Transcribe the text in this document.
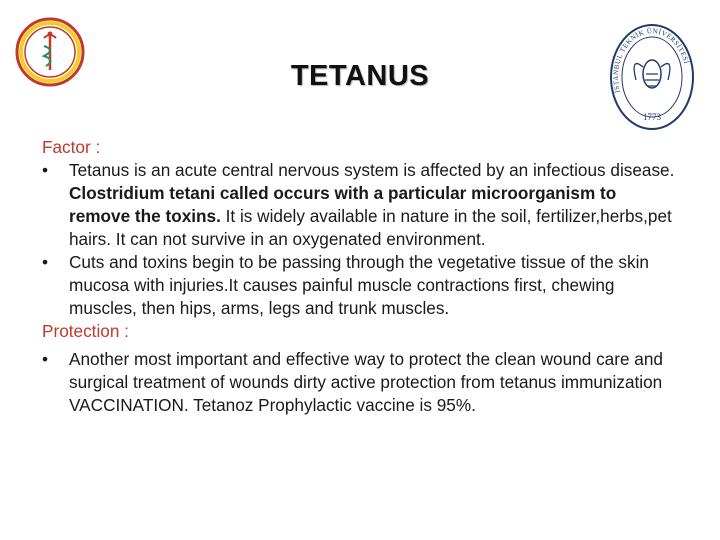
İSTANBUL TEKNİK ÜNİVERSİTESİ
1773
TETANUS

Factor :

•	Tetanus is an acute central nervous system is affected by an infectious disease. Clostridium tetani called occurs with a particular microorganism to remove the toxins. It is widely available in nature in the soil, fertilizer,herbs,pet hairs. It can not survive in an oxygenated environment.

•	Cuts and toxins begin to be passing through the vegetative tissue of the skin mucosa with injuries.It causes painful muscle contractions first, chewing muscles, then hips, arms, legs and trunk muscles.

Protection :

•	Another most important and effective way to protect the clean wound care and surgical treatment of wounds dirty active protection from tetanus immunization VACCINATION. Tetanoz Prophylactic vaccine is 95%.
